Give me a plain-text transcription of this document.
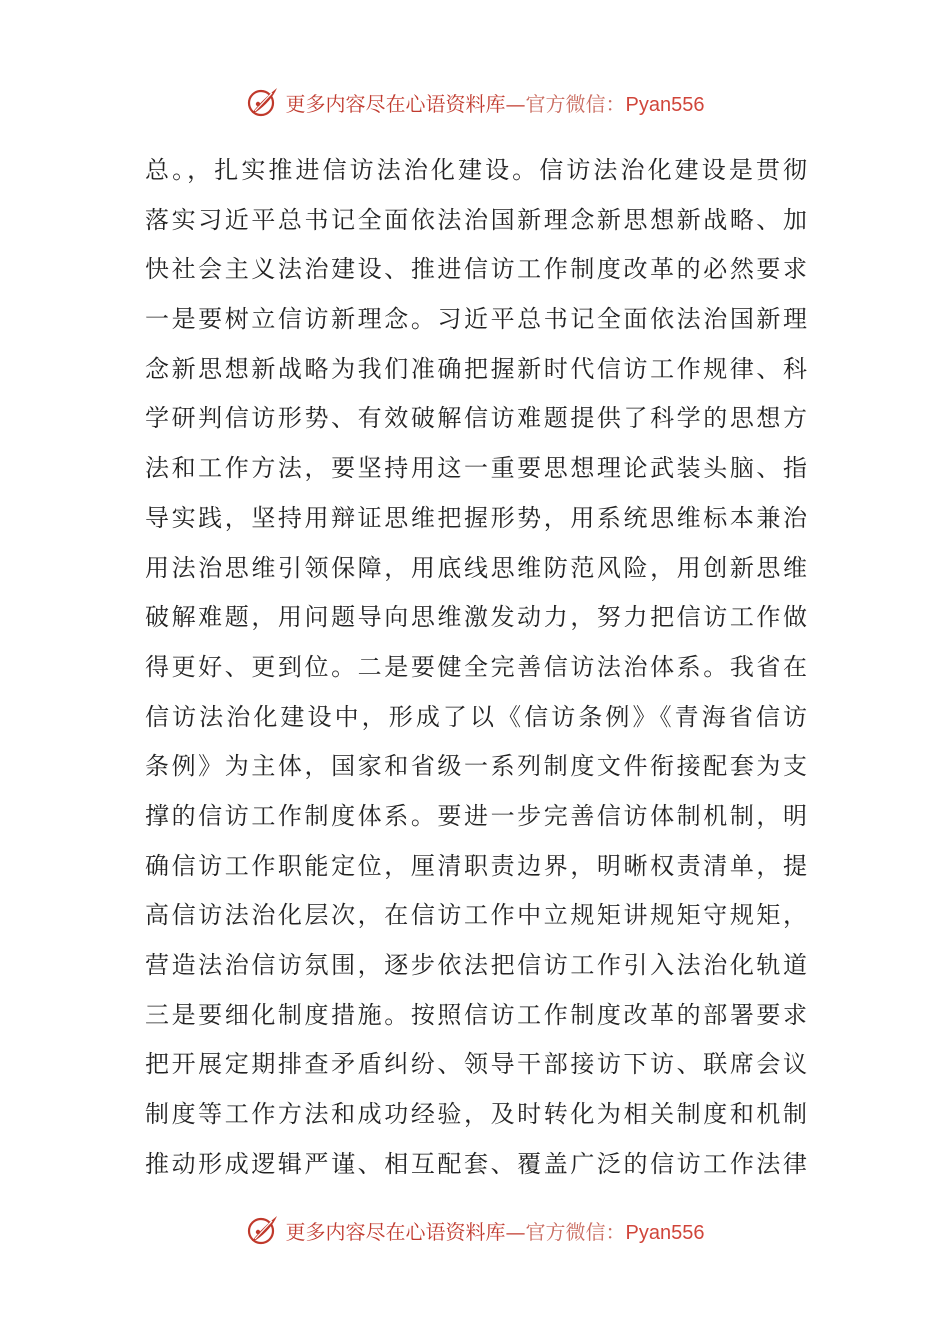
更多内容尽在心语资料库—官方微信：Pyan556
总。，扎实推进信访法治化建设。信访法治化建设是贯彻
落实习近平总书记全面依法治国新理念新思想新战略、加
快社会主义法治建设、推进信访工作制度改革的必然要求
一是要树立信访新理念。习近平总书记全面依法治国新理
念新思想新战略为我们准确把握新时代信访工作规律、科
学研判信访形势、有效破解信访难题提供了科学的思想方
法和工作方法，要坚持用这一重要思想理论武装头脑、指
导实践，坚持用辩证思维把握形势，用系统思维标本兼治
用法治思维引领保障，用底线思维防范风险，用创新思维
破解难题，用问题导向思维激发动力，努力把信访工作做
得更好、更到位。二是要健全完善信访法治体系。我省在
信访法治化建设中，形成了以《信访条例》《青海省信访
条例》为主体，国家和省级一系列制度文件衔接配套为支
撑的信访工作制度体系。要进一步完善信访体制机制，明
确信访工作职能定位，厘清职责边界，明晰权责清单，提
高信访法治化层次，在信访工作中立规矩讲规矩守规矩，
营造法治信访氛围，逐步依法把信访工作引入法治化轨道
三是要细化制度措施。按照信访工作制度改革的部署要求
把开展定期排查矛盾纠纷、领导干部接访下访、联席会议
制度等工作方法和成功经验，及时转化为相关制度和机制
推动形成逻辑严谨、相互配套、覆盖广泛的信访工作法律
更多内容尽在心语资料库—官方微信：Pyan556
